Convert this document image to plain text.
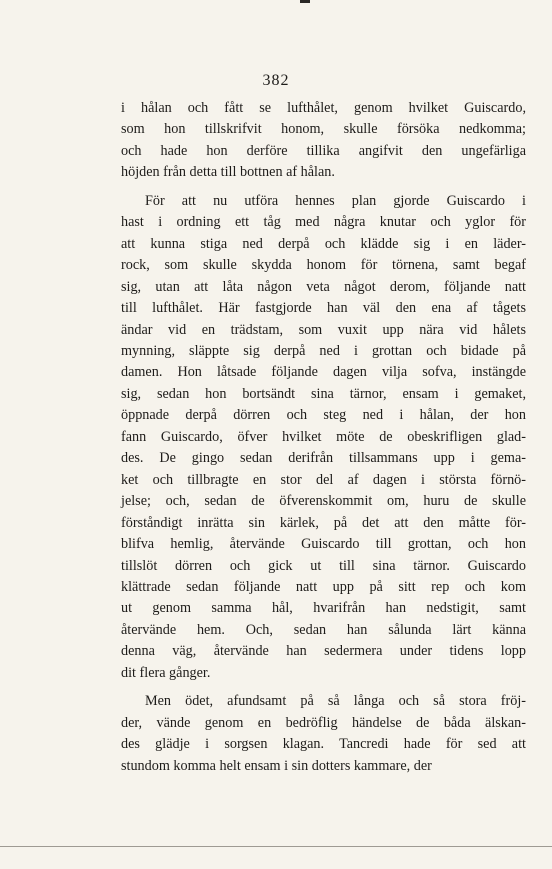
382
i hålan och fått se lufthålet, genom hvilket Guiscardo,
som hon tillskrifvit honom, skulle försöka nedkomma;
och hade hon derföre tillika angifvit den ungefärliga
höjden från detta till bottnen af hålan.
För att nu utföra hennes plan gjorde Guiscardo i
hast i ordning ett tåg med några knutar och yglor för
att kunna stiga ned derpå och klädde sig i en läder-
rock, som skulle skydda honom för törnena, samt begaf
sig, utan att låta någon veta något derom, följande natt
till lufthålet. Här fastgjorde han väl den ena af tågets
ändar vid en trädstam, som vuxit upp nära vid hålets
mynning, släppte sig derpå ned i grottan och bidade på
damen. Hon låtsade följande dagen vilja sofva, instängde
sig, sedan hon bortsändt sina tärnor, ensam i gemaket,
öppnade derpå dörren och steg ned i hålan, der hon
fann Guiscardo, öfver hvilket möte de obeskrifligen glad-
des. De gingo sedan derifrån tillsammans upp i gema-
ket och tillbragte en stor del af dagen i största förnö-
jelse; och, sedan de öfverenskommit om, huru de skulle
förståndigt inrätta sin kärlek, på det att den måtte för-
blifva hemlig, återvände Guiscardo till grottan, och hon
tillslöt dörren och gick ut till sina tärnor. Guiscardo
klättrade sedan följande natt upp på sitt rep och kom
ut genom samma hål, hvarifrån han nedstigit, samt
återvände hem. Och, sedan han sålunda lärt känna
denna väg, återvände han sedermera under tidens lopp
dit flera gånger.
Men ödet, afundsamt på så långa och så stora fröj-
der, vände genom en bedröflig händelse de båda älskan-
des glädje i sorgsen klagan. Tancredi hade för sed att
stundom komma helt ensam i sin dotters kammare, der
